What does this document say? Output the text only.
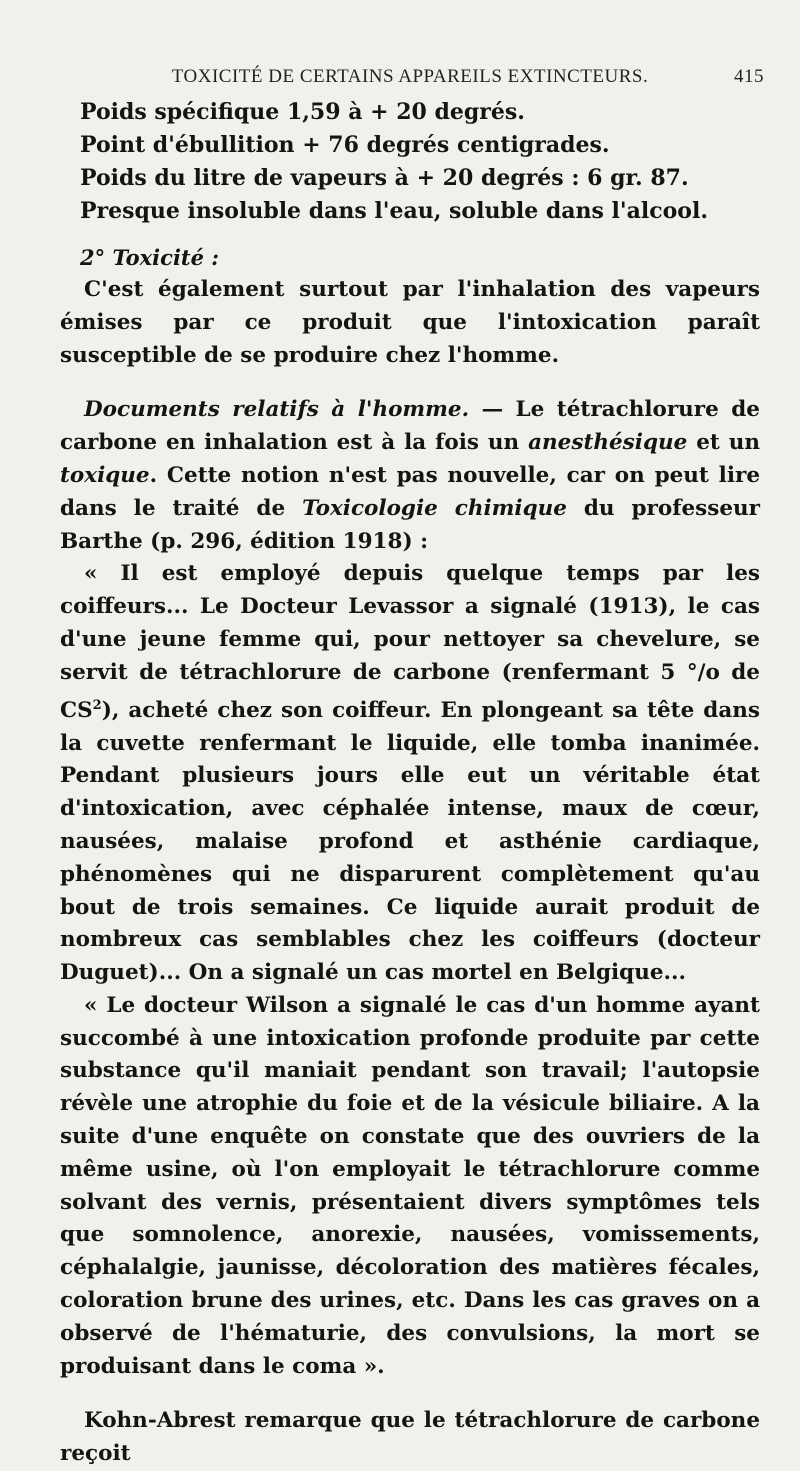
TOXICITÉ DE CERTAINS APPAREILS EXTINCTEURS.	415

Poids spécifique 1,59 à + 20 degrés.

Point d'ébullition + 76 degrés centigrades.

Poids du litre de vapeurs à + 20 degrés : 6 gr. 87.

Presque insoluble dans l'eau, soluble dans l'alcool.

2° Toxicité :

C'est également surtout par l'inhalation des vapeurs émises par ce produit que l'intoxication paraît susceptible de se produire chez l'homme.

Documents relatifs à l'homme. — Le tétrachlorure de carbone en inhalation est à la fois un anesthésique et un toxique. Cette notion n'est pas nouvelle, car on peut lire dans le traité de Toxicologie chimique du professeur Barthe (p. 296, édition 1918) :

« Il est employé depuis quelque temps par les coiffeurs... Le Docteur Levassor a signalé (1913), le cas d'une jeune femme qui, pour nettoyer sa chevelure, se servit de tétrachlorure de carbone (renfermant 5 °/o de $CS^2$), acheté chez son coiffeur. En plongeant sa tête dans la cuvette renfermant le liquide, elle tomba inanimée. Pendant plusieurs jours elle eut un véritable état d'intoxication, avec céphalée intense, maux de cœur, nausées, malaise profond et asthénie cardiaque, phénomènes qui ne disparurent complètement qu'au bout de trois semaines. Ce liquide aurait produit de nombreux cas semblables chez les coiffeurs (docteur Duguet)... On a signalé un cas mortel en Belgique...

« Le docteur Wilson a signalé le cas d'un homme ayant succombé à une intoxication profonde produite par cette substance qu'il maniait pendant son travail; l'autopsie révèle une atrophie du foie et de la vésicule biliaire. A la suite d'une enquête on constate que des ouvriers de la même usine, où l'on employait le tétrachlorure comme solvant des vernis, présentaient divers symptômes tels que somnolence, anorexie, nausées, vomissements, céphalalgie, jaunisse, décoloration des matières fécales, coloration brune des urines, etc. Dans les cas graves on a observé de l'hématurie, des convulsions, la mort se produisant dans le coma ».

Kohn-Abrest remarque que le tétrachlorure de carbone reçoit
